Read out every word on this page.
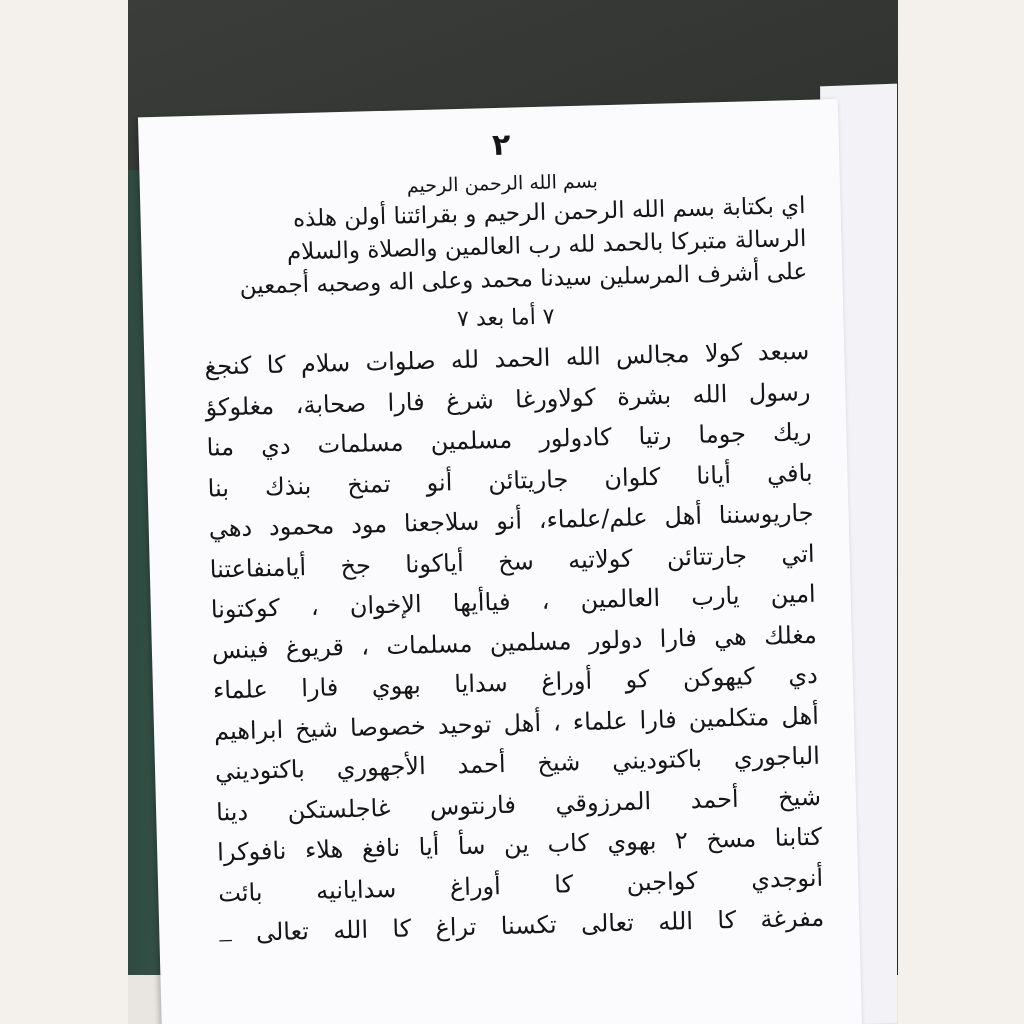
٢
بسم الله الرحمن الرحيم
اي بكتابة بسم الله الرحمن الرحيم و بقرائتنا أولن هلذه
الرسالة متبركا بالحمد لله رب العالمين والصلاة والسلام
على أشرف المرسلين سيدنا محمد وعلى اله وصحبه أجمعين
٧ أما بعد ٧
سبعد كولا مجالس الله الحمد لله صلوات سلام كا كنجغ
رسول الله بشرة كولاورغا شرغ فارا صحابة، مغلوكؤ
ريك جوما رتيا كادولور مسلمين مسلمات دي منا
بافي أيانا كلوان جاريتائن أنو تمنخ بنذك بنا
جاريوسننا أهل علم/علماء، أنو سلاجعنا مود محمود دهي
اتي جارتتائن كولاتيه سخ أياكونا جخ أيامنفاعتنا
امين يارب العالمين ، فياأيها الإخوان ، كوكتونا
مغلك هي فارا دولور مسلمين مسلمات ، قريوغ فينس
دي كيهوكن كو أوراغ سدايا بهوي فارا علماء
أهل متكلمين فارا علماء ، أهل توحيد خصوصا شيخ ابراهيم
الباجوري باكتوديني شيخ أحمد الأجهوري باكتوديني
شيخ أحمد المرزوقي فارنتوس غاجلستكن دينا
كتابنا مسخ ٢ بهوي كاب ين سأ أيا نافغ هلاء نافوكرا
أنوجدي كواجبن كا أوراغ سدايانيه بائت
مفرغة كا الله تعالى تكسنا تراغ كا الله تعالى ـــ
